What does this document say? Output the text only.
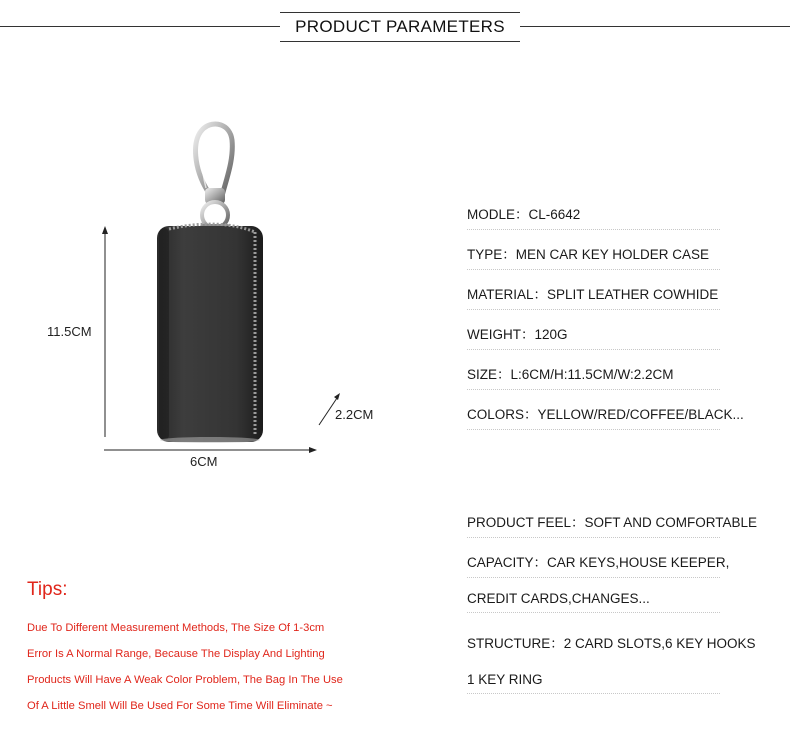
PRODUCT PARAMETERS
11.5CM
6CM
2.2CM
MODLE：CL-6642
TYPE：MEN CAR KEY HOLDER CASE
MATERIAL：SPLIT LEATHER COWHIDE
WEIGHT：120G
SIZE：L:6CM/H:11.5CM/W:2.2CM
COLORS：YELLOW/RED/COFFEE/BLACK...
PRODUCT FEEL：SOFT AND COMFORTABLE
CAPACITY：CAR KEYS,HOUSE KEEPER,
CREDIT CARDS,CHANGES...
STRUCTURE：2 CARD SLOTS,6 KEY HOOKS
1 KEY RING
Tips:
Due To Different Measurement Methods, The Size Of 1-3cm
Error Is A Normal Range, Because The Display And Lighting
Products Will Have A Weak Color Problem, The Bag In The Use
Of A Little Smell Will Be Used For Some Time Will Eliminate ~
